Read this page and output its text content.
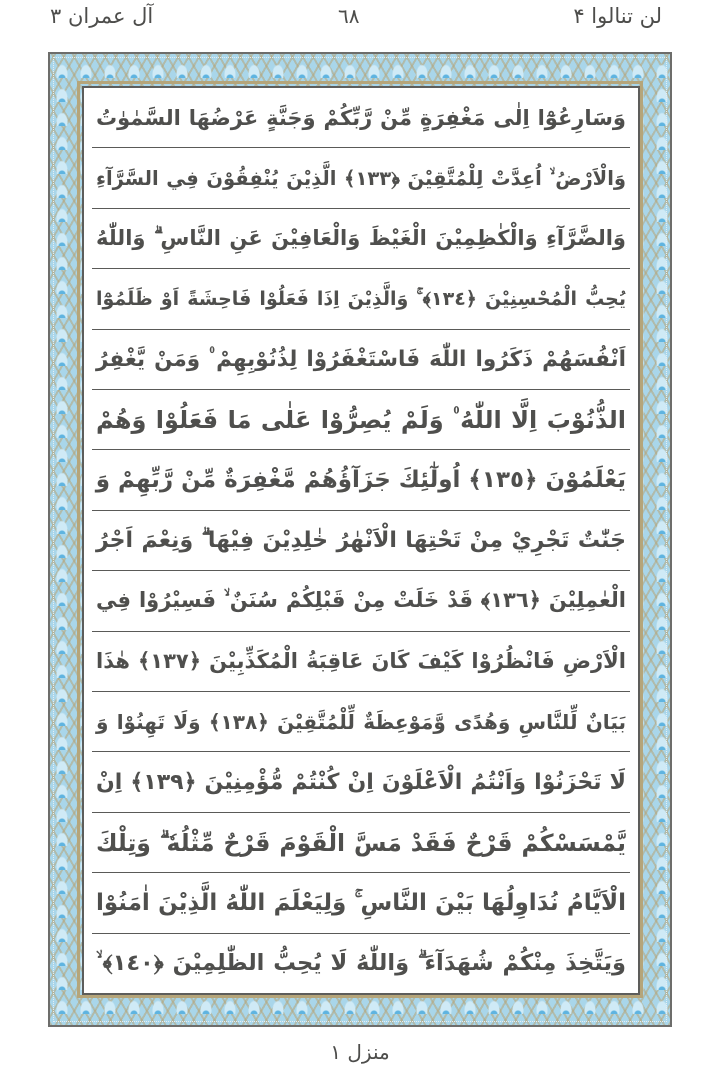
آل عمران ۳	٦٨	لن تنالوا ۴
وَسَارِعُوْٓا اِلٰى مَغْفِرَةٍ مِّنْ رَّبِّكُمْ وَجَنَّةٍ عَرْضُهَا السَّمٰوٰتُ
وَالْاَرْضُ ۙ اُعِدَّتْ لِلْمُتَّقِيْنَ ﴿١٣٣﴾ الَّذِيْنَ يُنْفِقُوْنَ فِي السَّرَّآءِ
وَالضَّرَّآءِ وَالْكٰظِمِيْنَ الْغَيْظَ وَالْعَافِيْنَ عَنِ النَّاسِ ۗ وَاللّٰهُ
يُحِبُّ الْمُحْسِنِيْنَ ﴿١٣٤﴾ ۚ وَالَّذِيْنَ اِذَا فَعَلُوْا فَاحِشَةً اَوْ ظَلَمُوْٓا
اَنْفُسَهُمْ ذَكَرُوا اللّٰهَ فَاسْتَغْفَرُوْا لِذُنُوْبِهِمْ ۠ وَمَنْ يَّغْفِرُ
الذُّنُوْبَ اِلَّا اللّٰهُ ۠ وَلَمْ يُصِرُّوْا عَلٰى مَا فَعَلُوْا وَهُمْ
يَعْلَمُوْنَ ﴿١٣٥﴾ اُولٰٓئِكَ جَزَآؤُهُمْ مَّغْفِرَةٌ مِّنْ رَّبِّهِمْ وَ
جَنّٰتٌ تَجْرِيْ مِنْ تَحْتِهَا الْاَنْهٰرُ خٰلِدِيْنَ فِيْهَا ۗ وَنِعْمَ اَجْرُ
الْعٰمِلِيْنَ ﴿١٣٦﴾ قَدْ خَلَتْ مِنْ قَبْلِكُمْ سُنَنٌ ۙ فَسِيْرُوْا فِي
الْاَرْضِ فَانْظُرُوْا كَيْفَ كَانَ عَاقِبَةُ الْمُكَذِّبِيْنَ ﴿١٣٧﴾ هٰذَا
بَيَانٌ لِّلنَّاسِ وَهُدًى وَّمَوْعِظَةٌ لِّلْمُتَّقِيْنَ ﴿١٣٨﴾ وَلَا تَهِنُوْا وَ
لَا تَحْزَنُوْا وَاَنْتُمُ الْاَعْلَوْنَ اِنْ كُنْتُمْ مُّؤْمِنِيْنَ ﴿١٣٩﴾ اِنْ
يَّمْسَسْكُمْ قَرْحٌ فَقَدْ مَسَّ الْقَوْمَ قَرْحٌ مِّثْلُهٗ ۗ وَتِلْكَ
الْاَيَّامُ نُدَاوِلُهَا بَيْنَ النَّاسِ ۚ وَلِيَعْلَمَ اللّٰهُ الَّذِيْنَ اٰمَنُوْا
وَيَتَّخِذَ مِنْكُمْ شُهَدَآءَ ۗ وَاللّٰهُ لَا يُحِبُّ الظّٰلِمِيْنَ ﴿١٤٠﴾ ۙ
منزل ١
